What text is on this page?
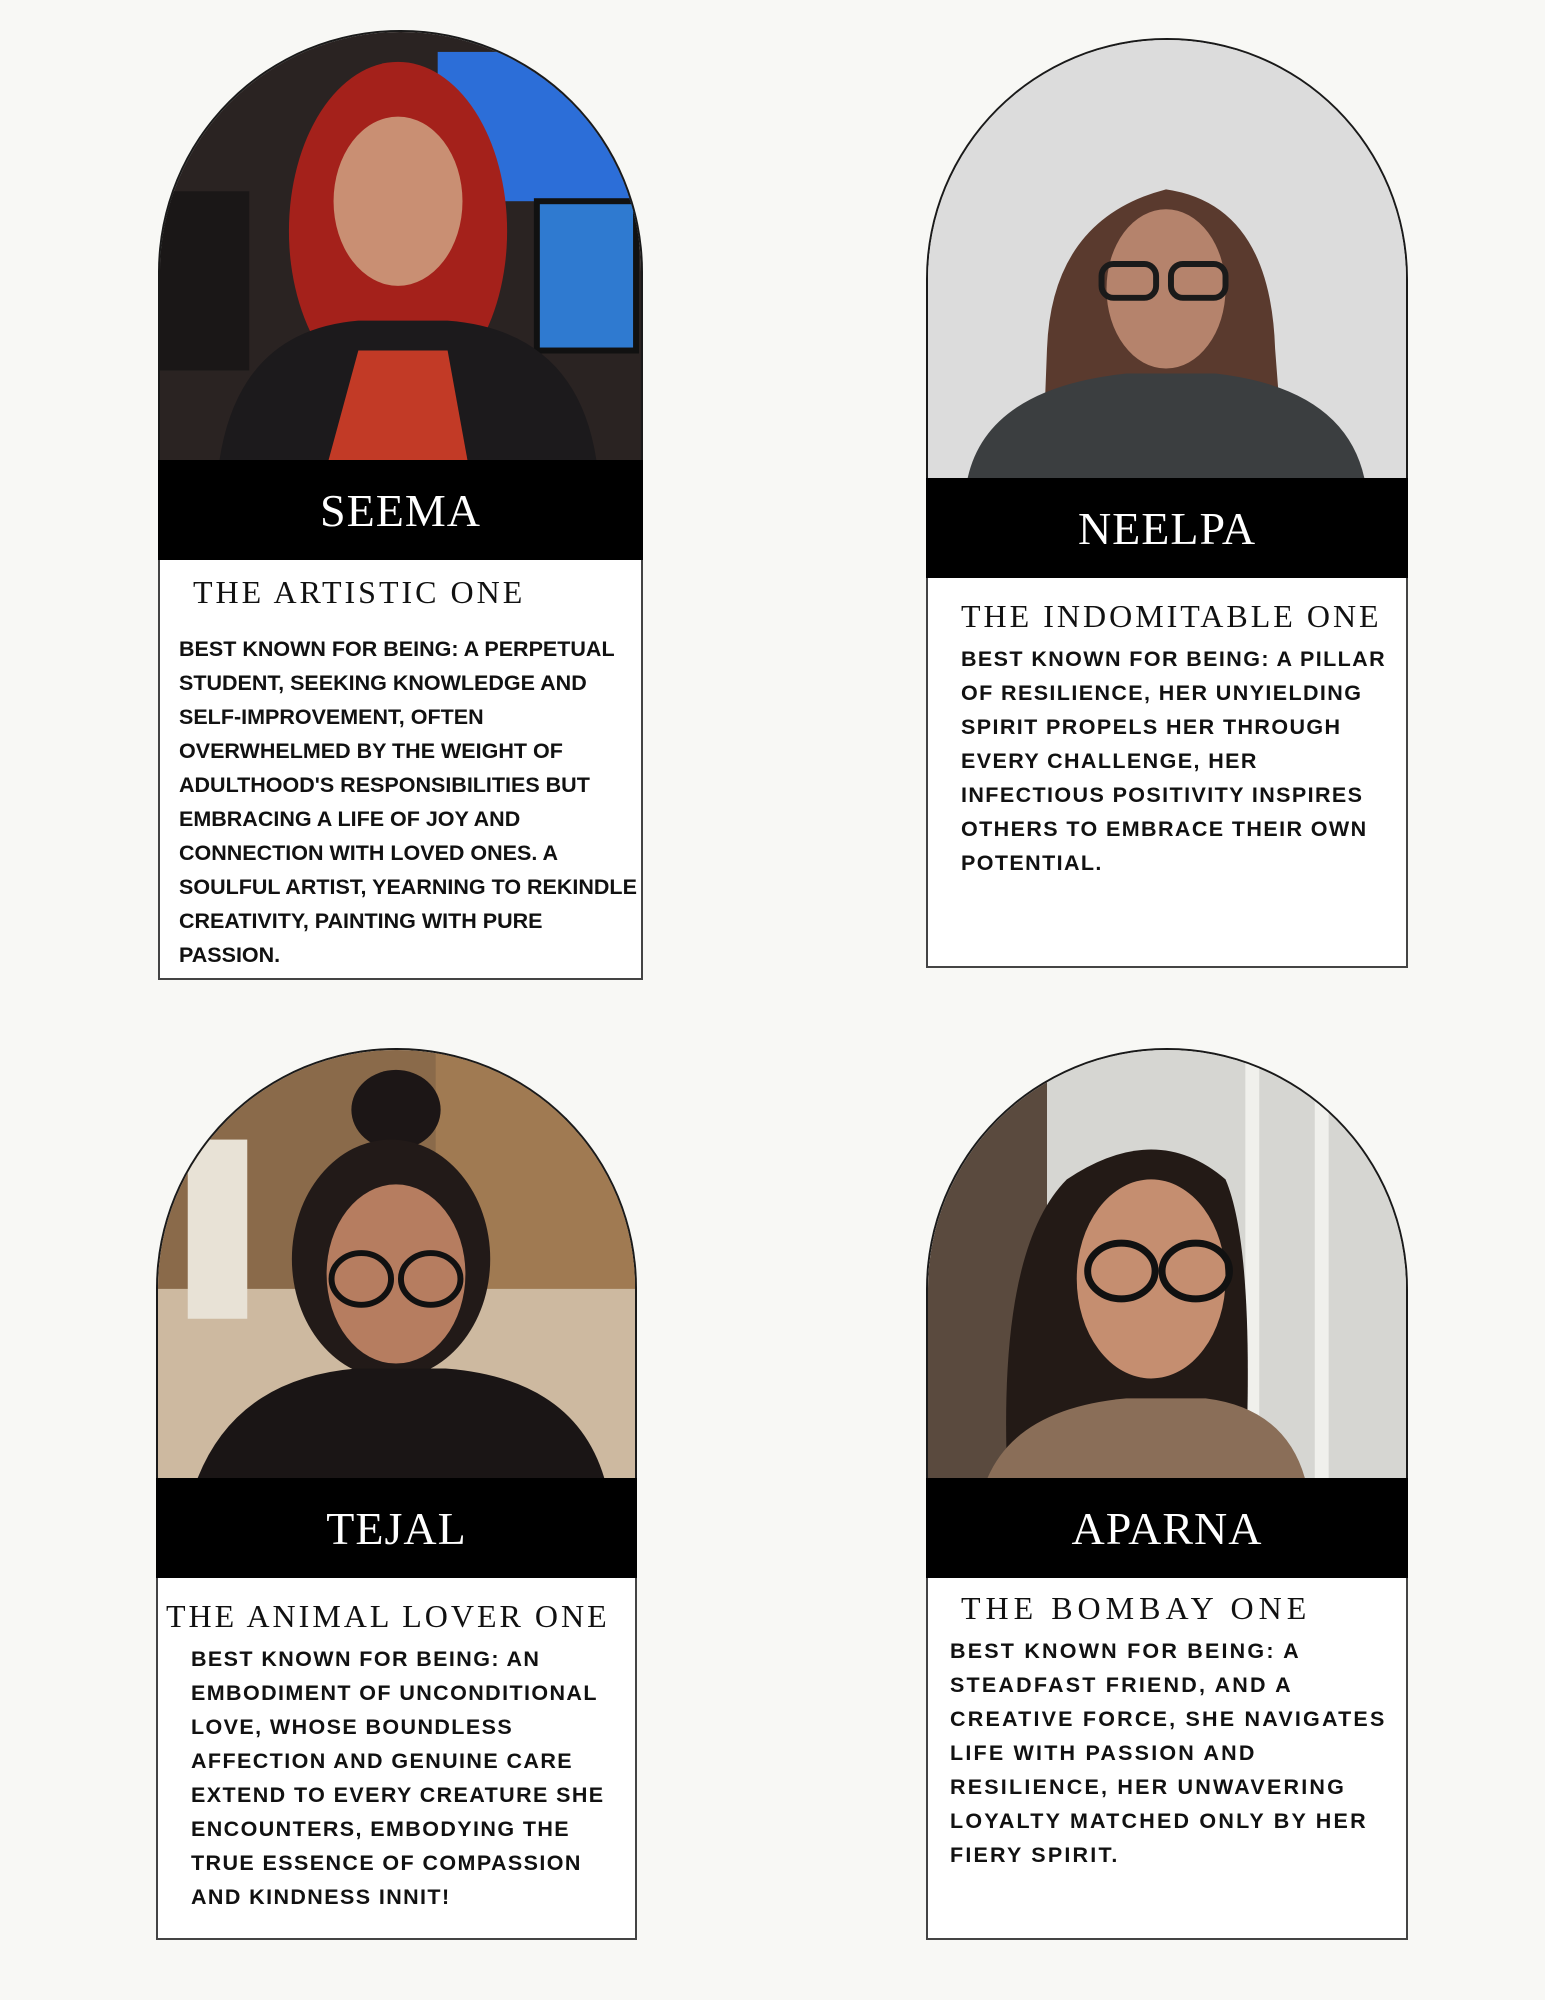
SEEMA
THE ARTISTIC ONE
BEST KNOWN FOR BEING: A PERPETUAL STUDENT, SEEKING KNOWLEDGE AND SELF-IMPROVEMENT, OFTEN OVERWHELMED BY THE WEIGHT OF ADULTHOOD'S RESPONSIBILITIES BUT EMBRACING A LIFE OF JOY AND CONNECTION WITH LOVED ONES. A SOULFUL ARTIST, YEARNING TO REKINDLE CREATIVITY, PAINTING WITH PURE PASSION.
NEELPA
THE INDOMITABLE ONE
BEST KNOWN FOR BEING: A PILLAR OF RESILIENCE, HER UNYIELDING SPIRIT PROPELS HER THROUGH EVERY CHALLENGE, HER INFECTIOUS POSITIVITY INSPIRES OTHERS TO EMBRACE THEIR OWN POTENTIAL.
TEJAL
THE ANIMAL LOVER ONE
BEST KNOWN FOR BEING: AN EMBODIMENT OF UNCONDITIONAL LOVE, WHOSE BOUNDLESS AFFECTION AND GENUINE CARE EXTEND TO EVERY CREATURE SHE ENCOUNTERS, EMBODYING THE TRUE ESSENCE OF COMPASSION AND KINDNESS INNIT!
APARNA
THE BOMBAY ONE
BEST KNOWN FOR BEING: A STEADFAST FRIEND, AND A CREATIVE FORCE, SHE NAVIGATES LIFE WITH PASSION AND RESILIENCE, HER UNWAVERING LOYALTY MATCHED ONLY BY HER FIERY SPIRIT.
